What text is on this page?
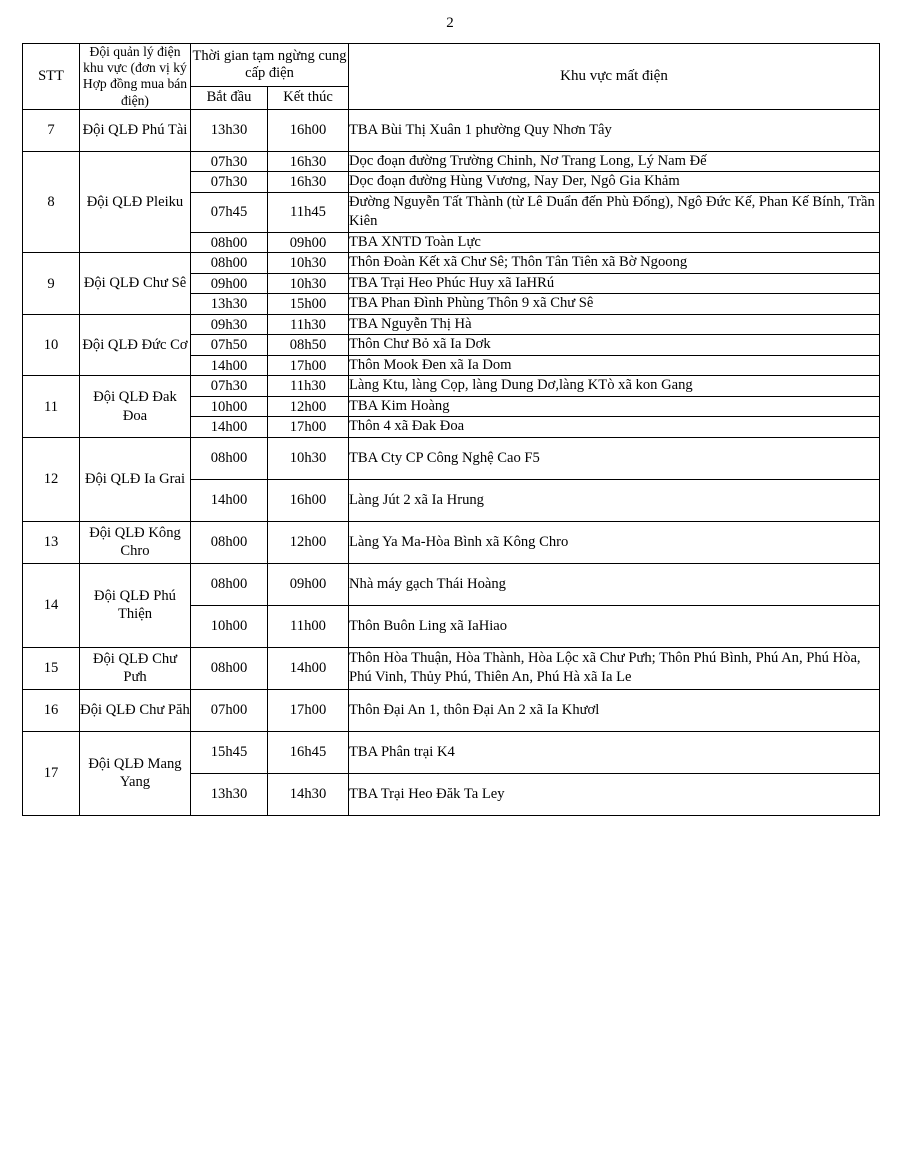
2
STT	Đội quản lý điện khu vực (đơn vị ký Hợp đồng mua bán điện)	Thời gian tạm ngừng cung cấp điện		Khu vực mất điện
		Bắt đầu	Kết thúc	
7	Đội QLĐ Phú Tài	13h30	16h00	TBA Bùi Thị Xuân 1 phường Quy Nhơn Tây
8	Đội QLĐ Pleiku	07h30	16h30	Dọc đoạn đường Trường Chinh, Nơ Trang Long, Lý Nam Đế
		07h30	16h30	Dọc đoạn đường Hùng Vương, Nay Der, Ngô Gia Khảm
		07h45	11h45	Đường Nguyễn Tất Thành (từ Lê Duẩn đến Phù Đổng), Ngô Đức Kế, Phan Kế Bính, Trần Kiên
		08h00	09h00	TBA XNTD Toàn Lực
9	Đội QLĐ Chư Sê	08h00	10h30	Thôn Đoàn Kết xã Chư Sê; Thôn Tân Tiên xã Bờ Ngoong
		09h00	10h30	TBA Trại Heo Phúc Huy xã IaHRú
		13h30	15h00	TBA Phan Đình Phùng Thôn 9 xã Chư Sê
10	Đội QLĐ Đức Cơ	09h30	11h30	TBA Nguyễn Thị Hà
		07h50	08h50	Thôn Chư Bỏ xã Ia Dơk
		14h00	17h00	Thôn Mook Đen xã Ia Dom
11	Đội QLĐ Đak Đoa	07h30	11h30	Làng Ktu, làng Cọp, làng Dung Dơ,làng KTò xã kon Gang
		10h00	12h00	TBA Kim Hoàng
		14h00	17h00	Thôn 4 xã Đak Đoa
12	Đội QLĐ Ia Grai	08h00	10h30	TBA Cty CP Công Nghệ Cao F5
		14h00	16h00	Làng Jút 2 xã Ia Hrung
13	Đội QLĐ Kông Chro	08h00	12h00	Làng Ya Ma-Hòa Bình xã Kông Chro
14	Đội QLĐ Phú Thiện	08h00	09h00	Nhà máy gạch Thái Hoàng
		10h00	11h00	Thôn Buôn Ling xã IaHiao
15	Đội QLĐ Chư Pưh	08h00	14h00	Thôn Hòa Thuận, Hòa Thành, Hòa Lộc xã Chư Pưh; Thôn Phú Bình, Phú An, Phú Hòa, Phú Vinh, Thủy Phú, Thiên An, Phú Hà xã Ia Le
16	Đội QLĐ Chư Păh	07h00	17h00	Thôn Đại An 1, thôn Đại An 2 xã Ia Khươl
17	Đội QLĐ Mang Yang	15h45	16h45	TBA Phân trại K4
		13h30	14h30	TBA Trại Heo Đăk Ta Ley
